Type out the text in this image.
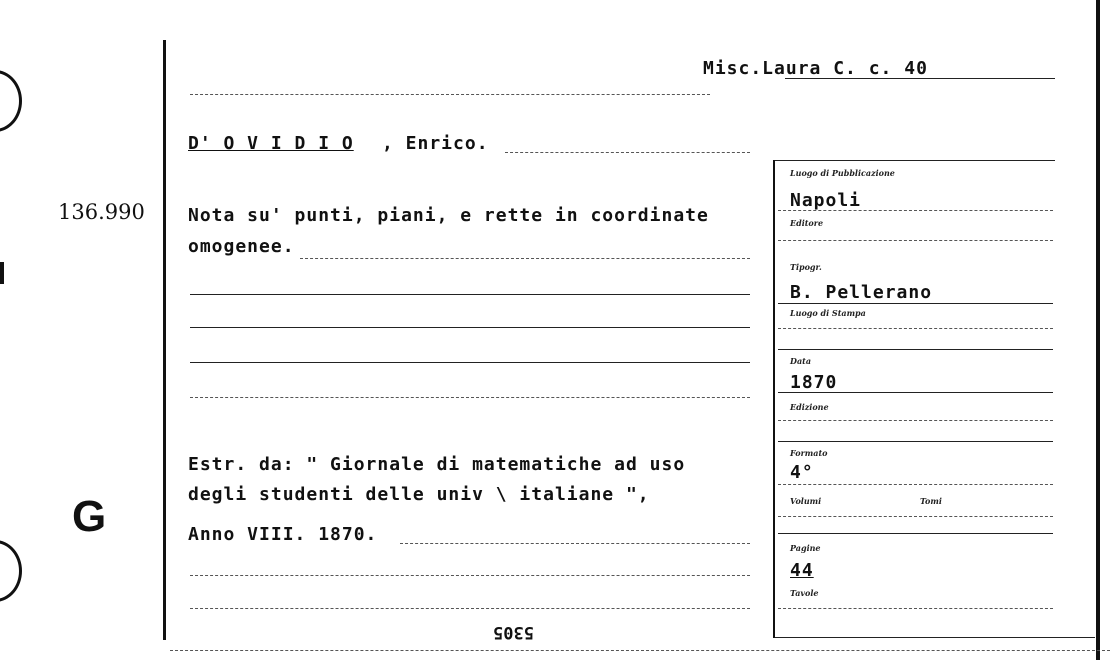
Misc.Laura C. c. 40
D' O V I D I O , Enrico.
136.990 Nota su' punti, piani, e rette in coordinate
omogenee.
Estr. da: " Giornale di matematiche ad uso
degli studenti delle univ \ italiane ",
Anno VIII. 1870.
G
5305
Luogo di Pubblicazione
Napoli
Editore
Tipogr.
B. Pellerano
Luogo di Stampa
Data
1870
Edizione
Formato
4°
Volumi	Tomi
Pagine
44
Tavole
